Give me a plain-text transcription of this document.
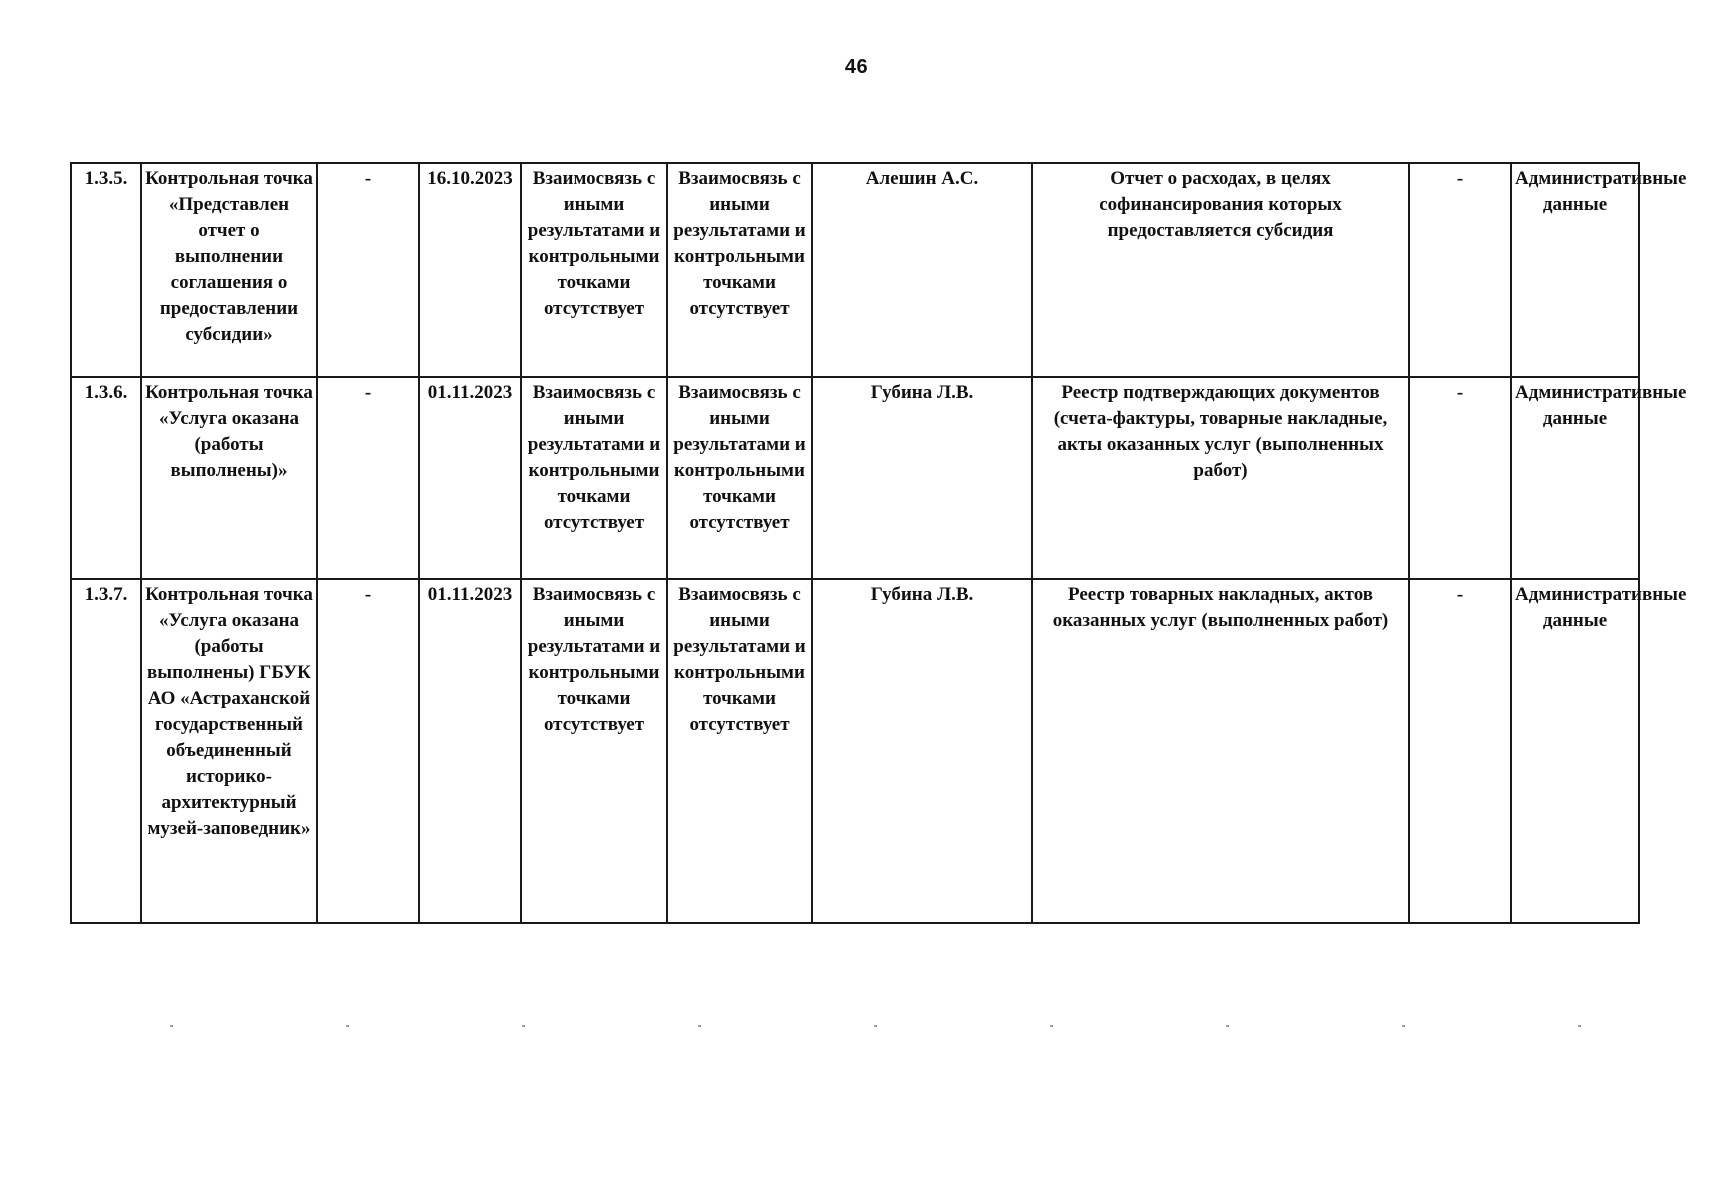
46
1.3.5.	Контрольная точка «Представлен отчет о выполнении соглашения о предоставлении субсидии»	-	16.10.2023	Взаимосвязь с иными результатами и контрольными точками отсутствует	Взаимосвязь с иными результатами и контрольными точками отсутствует	Алешин А.С.	Отчет о расходах, в целях софинансирования которых предоставляется субсидия	-	Административные данные
1.3.6.	Контрольная точка «Услуга оказана (работы выполнены)»	-	01.11.2023	Взаимосвязь с иными результатами и контрольными точками отсутствует	Взаимосвязь с иными результатами и контрольными точками отсутствует	Губина Л.В.	Реестр подтверждающих документов (счета-фактуры, товарные накладные, акты оказанных услуг (выполненных работ)	-	Административные данные
1.3.7.	Контрольная точка «Услуга оказана (работы выполнены) ГБУК АО «Астраханской государственный объединенный историко-архитектурный музей-заповедник»	-	01.11.2023	Взаимосвязь с иными результатами и контрольными точками отсутствует	Взаимосвязь с иными результатами и контрольными точками отсутствует	Губина Л.В.	Реестр товарных накладных, актов оказанных услуг (выполненных работ)	-	Административные данные
